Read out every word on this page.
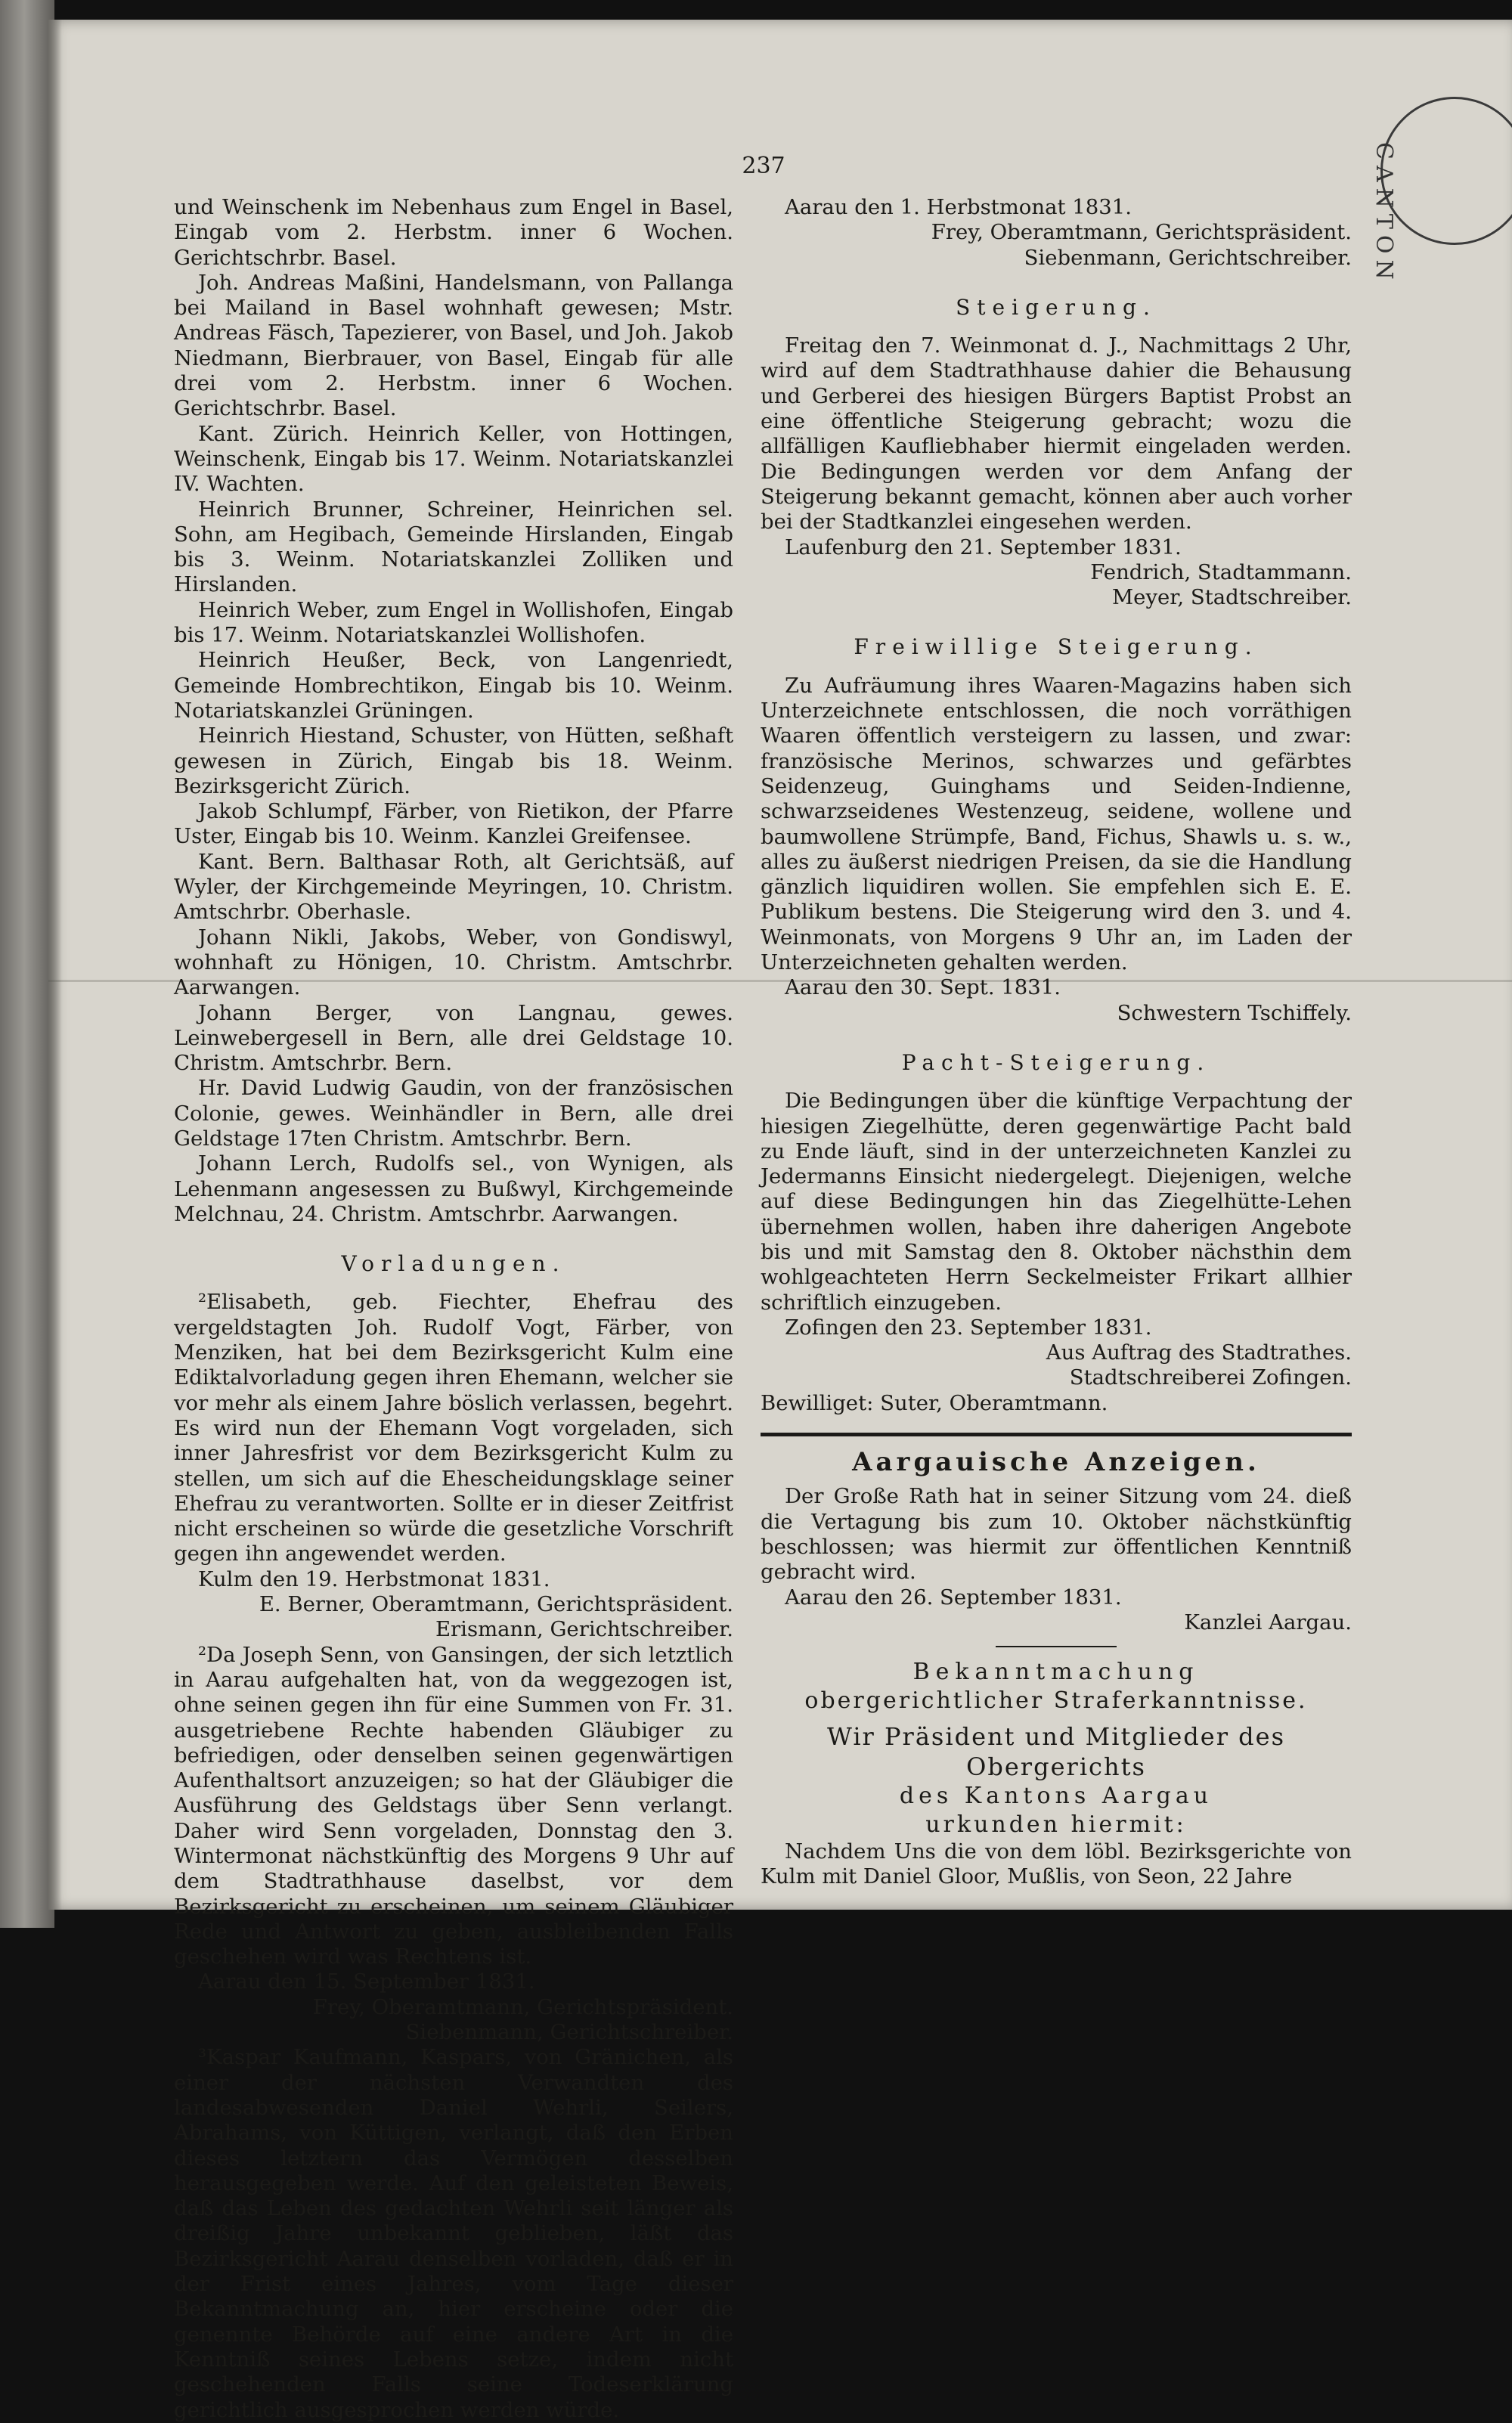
CANTON
237

und Weinschenk im Nebenhaus zum Engel in Basel, Eingab vom 2. Herbstm. inner 6 Wochen. Gerichtschrbr. Basel.

Joh. Andreas Maßini, Handelsmann, von Pallanga bei Mailand in Basel wohnhaft gewesen; Mstr. Andreas Fäsch, Tapezierer, von Basel, und Joh. Jakob Niedmann, Bierbrauer, von Basel, Eingab für alle drei vom 2. Herbstm. inner 6 Wochen. Gerichtschrbr. Basel.

Kant. Zürich. Heinrich Keller, von Hottingen, Weinschenk, Eingab bis 17. Weinm. Notariatskanzlei IV. Wachten.

Heinrich Brunner, Schreiner, Heinrichen sel. Sohn, am Hegibach, Gemeinde Hirslanden, Eingab bis 3. Weinm. Notariatskanzlei Zolliken und Hirslanden.

Heinrich Weber, zum Engel in Wollishofen, Eingab bis 17. Weinm. Notariatskanzlei Wollishofen.

Heinrich Heußer, Beck, von Langenriedt, Gemeinde Hombrechtikon, Eingab bis 10. Weinm. Notariatskanzlei Grüningen.

Heinrich Hiestand, Schuster, von Hütten, seßhaft gewesen in Zürich, Eingab bis 18. Weinm. Bezirksgericht Zürich.

Jakob Schlumpf, Färber, von Rietikon, der Pfarre Uster, Eingab bis 10. Weinm. Kanzlei Greifensee.

Kant. Bern. Balthasar Roth, alt Gerichtsäß, auf Wyler, der Kirchgemeinde Meyringen, 10. Christm. Amtschrbr. Oberhasle.

Johann Nikli, Jakobs, Weber, von Gondiswyl, wohnhaft zu Hönigen, 10. Christm. Amtschrbr. Aarwangen.

Johann Berger, von Langnau, gewes. Leinwebergesell in Bern, alle drei Geldstage 10. Christm. Amtschrbr. Bern.

Hr. David Ludwig Gaudin, von der französischen Colonie, gewes. Weinhändler in Bern, alle drei Geldstage 17ten Christm. Amtschrbr. Bern.

Johann Lerch, Rudolfs sel., von Wynigen, als Lehenmann angesessen zu Bußwyl, Kirchgemeinde Melchnau, 24. Christm. Amtschrbr. Aarwangen.

Vorladungen.

²Elisabeth, geb. Fiechter, Ehefrau des vergeldstagten Joh. Rudolf Vogt, Färber, von Menziken, hat bei dem Bezirksgericht Kulm eine Ediktalvorladung gegen ihren Ehemann, welcher sie vor mehr als einem Jahre böslich verlassen, begehrt. Es wird nun der Ehemann Vogt vorgeladen, sich inner Jahresfrist vor dem Bezirksgericht Kulm zu stellen, um sich auf die Ehescheidungsklage seiner Ehefrau zu verantworten. Sollte er in dieser Zeitfrist nicht erscheinen so würde die gesetzliche Vorschrift gegen ihn angewendet werden.

Kulm den 19. Herbstmonat 1831.

E. Berner, Oberamtmann, Gerichtspräsident.

Erismann, Gerichtschreiber.

²Da Joseph Senn, von Gansingen, der sich letztlich in Aarau aufgehalten hat, von da weggezogen ist, ohne seinen gegen ihn für eine Summen von Fr. 31. ausgetriebene Rechte habenden Gläubiger zu befriedigen, oder denselben seinen gegenwärtigen Aufenthaltsort anzuzeigen; so hat der Gläubiger die Ausführung des Geldstags über Senn verlangt. Daher wird Senn vorgeladen, Donnstag den 3. Wintermonat nächstkünftig des Morgens 9 Uhr auf dem Stadtrathhause daselbst, vor dem Bezirksgericht zu erscheinen, um seinem Gläubiger Rede und Antwort zu geben, ausbleibenden Falls geschehen wird was Rechtens ist.

Aarau den 15. September 1831.

Frey, Oberamtmann, Gerichtspräsident.

Siebenmann, Gerichtschreiber.

³Kaspar Kaufmann, Kaspars, von Gränichen, als einer der nächsten Verwandten des landesabwesenden Daniel Wehrli, Seilers, Abrahams, von Küttigen, verlangt, daß den Erben dieses letztern das Vermögen desselben herausgegeben werde. Auf den geleisteten Beweis, daß das Leben des gedachten Wehrli seit länger als dreißig Jahre unbekannt geblieben, läßt das Bezirksgericht Aarau denselben vorladen, daß er in der Frist eines Jahres, vom Tage dieser Bekanntmachung an, hier erscheine oder die genennte Behörde auf eine andere Art in die Kenntniß seines Lebens setze, indem nicht geschehenden Falls seine Todeserklärung gerichtlich ausgesprochen werden würde.

Aarau den 1. Herbstmonat 1831.

Frey, Oberamtmann, Gerichtspräsident.

Siebenmann, Gerichtschreiber.

Steigerung.

Freitag den 7. Weinmonat d. J., Nachmittags 2 Uhr, wird auf dem Stadtrathhause dahier die Behausung und Gerberei des hiesigen Bürgers Baptist Probst an eine öffentliche Steigerung gebracht; wozu die allfälligen Kaufliebhaber hiermit eingeladen werden. Die Bedingungen werden vor dem Anfang der Steigerung bekannt gemacht, können aber auch vorher bei der Stadtkanzlei eingesehen werden.

Laufenburg den 21. September 1831.

Fendrich, Stadtammann.

Meyer, Stadtschreiber.

Freiwillige Steigerung.

Zu Aufräumung ihres Waaren-Magazins haben sich Unterzeichnete entschlossen, die noch vorräthigen Waaren öffentlich versteigern zu lassen, und zwar: französische Merinos, schwarzes und gefärbtes Seidenzeug, Guinghams und Seiden-Indienne, schwarzseidenes Westenzeug, seidene, wollene und baumwollene Strümpfe, Band, Fichus, Shawls u. s. w., alles zu äußerst niedrigen Preisen, da sie die Handlung gänzlich liquidiren wollen. Sie empfehlen sich E. E. Publikum bestens. Die Steigerung wird den 3. und 4. Weinmonats, von Morgens 9 Uhr an, im Laden der Unterzeichneten gehalten werden.

Aarau den 30. Sept. 1831.

Schwestern Tschiffely.

Pacht-Steigerung.

Die Bedingungen über die künftige Verpachtung der hiesigen Ziegelhütte, deren gegenwärtige Pacht bald zu Ende läuft, sind in der unterzeichneten Kanzlei zu Jedermanns Einsicht niedergelegt. Diejenigen, welche auf diese Bedingungen hin das Ziegelhütte-Lehen übernehmen wollen, haben ihre daherigen Angebote bis und mit Samstag den 8. Oktober nächsthin dem wohlgeachteten Herrn Seckelmeister Frikart allhier schriftlich einzugeben.

Zofingen den 23. September 1831.

Aus Auftrag des Stadtrathes.

Stadtschreiberei Zofingen.

Bewilliget: Suter, Oberamtmann.

Aargauische Anzeigen.

Der Große Rath hat in seiner Sitzung vom 24. dieß die Vertagung bis zum 10. Oktober nächstkünftig beschlossen; was hiermit zur öffentlichen Kenntniß gebracht wird.

Aarau den 26. September 1831.

Kanzlei Aargau.

Bekanntmachung
obergerichtlicher Straferkanntnisse.
Wir Präsident und Mitglieder des Obergerichts
des Kantons Aargau
urkunden hiermit:

Nachdem Uns die von dem löbl. Bezirksgerichte von Kulm mit Daniel Gloor, Mußlis, von Seon, 22 Jahre
